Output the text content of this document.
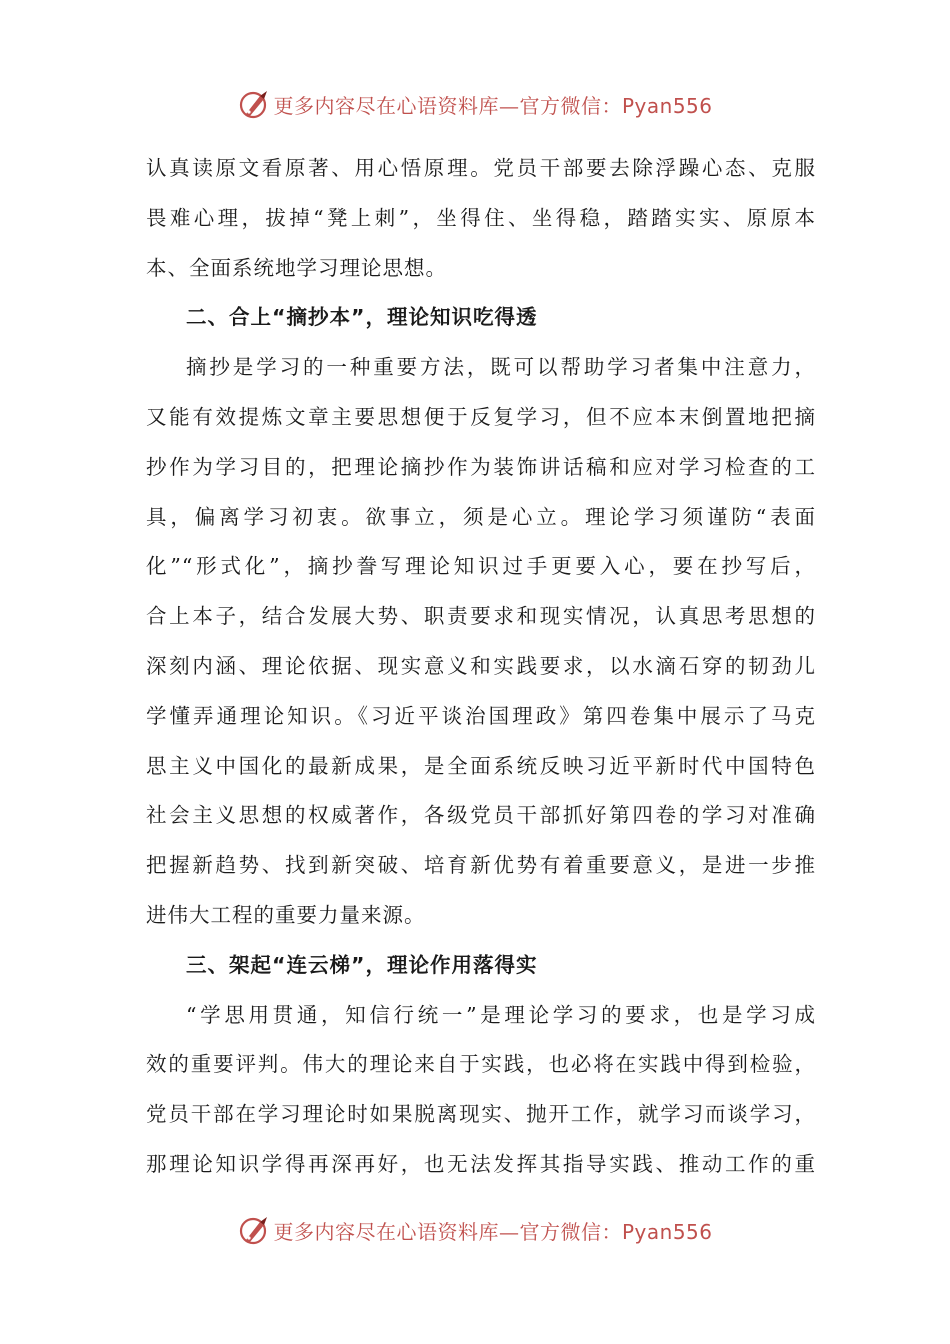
更多内容尽在心语资料库—官方微信：Pyan556
认真读原文看原著、用心悟原理。党员干部要去除浮躁心态、克服
畏难心理，拔掉“凳上刺”，坐得住、坐得稳，踏踏实实、原原本
本、全面系统地学习理论思想。
二、合上“摘抄本”，理论知识吃得透
摘抄是学习的一种重要方法，既可以帮助学习者集中注意力，
又能有效提炼文章主要思想便于反复学习，但不应本末倒置地把摘
抄作为学习目的，把理论摘抄作为装饰讲话稿和应对学习检查的工
具，偏离学习初衷。欲事立，须是心立。理论学习须谨防“表面
化”“形式化”，摘抄誊写理论知识过手更要入心，要在抄写后，
合上本子，结合发展大势、职责要求和现实情况，认真思考思想的
深刻内涵、理论依据、现实意义和实践要求，以水滴石穿的韧劲儿
学懂弄通理论知识。《习近平谈治国理政》第四卷集中展示了马克
思主义中国化的最新成果，是全面系统反映习近平新时代中国特色
社会主义思想的权威著作，各级党员干部抓好第四卷的学习对准确
把握新趋势、找到新突破、培育新优势有着重要意义，是进一步推
进伟大工程的重要力量来源。
三、架起“连云梯”，理论作用落得实
“学思用贯通，知信行统一”是理论学习的要求，也是学习成
效的重要评判。伟大的理论来自于实践，也必将在实践中得到检验，
党员干部在学习理论时如果脱离现实、抛开工作，就学习而谈学习，
那理论知识学得再深再好，也无法发挥其指导实践、推动工作的重
更多内容尽在心语资料库—官方微信：Pyan556
